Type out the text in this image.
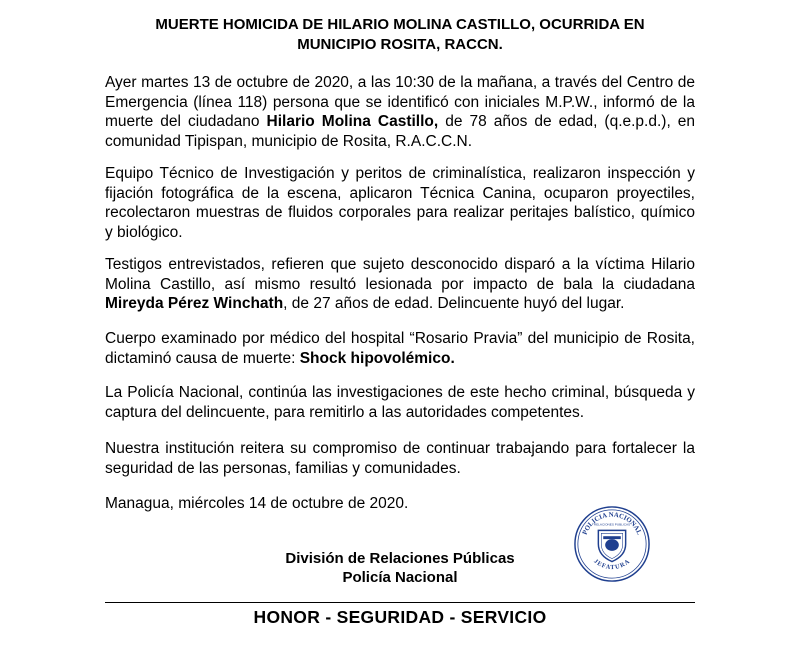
MUERTE HOMICIDA DE HILARIO MOLINA CASTILLO, OCURRIDA EN
MUNICIPIO ROSITA, RACCN.

Ayer martes 13 de octubre de 2020, a las 10:30 de la mañana, a través del Centro de Emergencia (línea 118) persona que se identificó con iniciales M.P.W., informó de la muerte del ciudadano Hilario Molina Castillo, de 78 años de edad, (q.e.p.d.), en comunidad Tipispan, municipio de Rosita, R.A.C.C.N.

Equipo Técnico de Investigación y peritos de criminalística, realizaron inspección y fijación fotográfica de la escena, aplicaron Técnica Canina, ocuparon proyectiles, recolectaron muestras de fluidos corporales para realizar peritajes balístico, químico y biológico.

Testigos entrevistados, refieren que sujeto desconocido disparó a la víctima Hilario Molina Castillo, así mismo resultó lesionada por impacto de bala la ciudadana Mireyda Pérez Winchath, de 27 años de edad. Delincuente huyó del lugar.

Cuerpo examinado por médico del hospital “Rosario Pravia” del municipio de Rosita, dictaminó causa de muerte: Shock hipovolémico.

La Policía Nacional, continúa las investigaciones de este hecho criminal, búsqueda y captura del delincuente, para remitirlo a las autoridades competentes.

Nuestra institución reitera su compromiso de continuar trabajando para fortalecer la seguridad de las personas, familias y comunidades.

Managua, miércoles 14 de octubre de 2020.

División de Relaciones Públicas
Policía Nacional
POLICIA NACIONAL
JEFATURA
RELACIONES PUBLICAS
HONOR - SEGURIDAD - SERVICIO
